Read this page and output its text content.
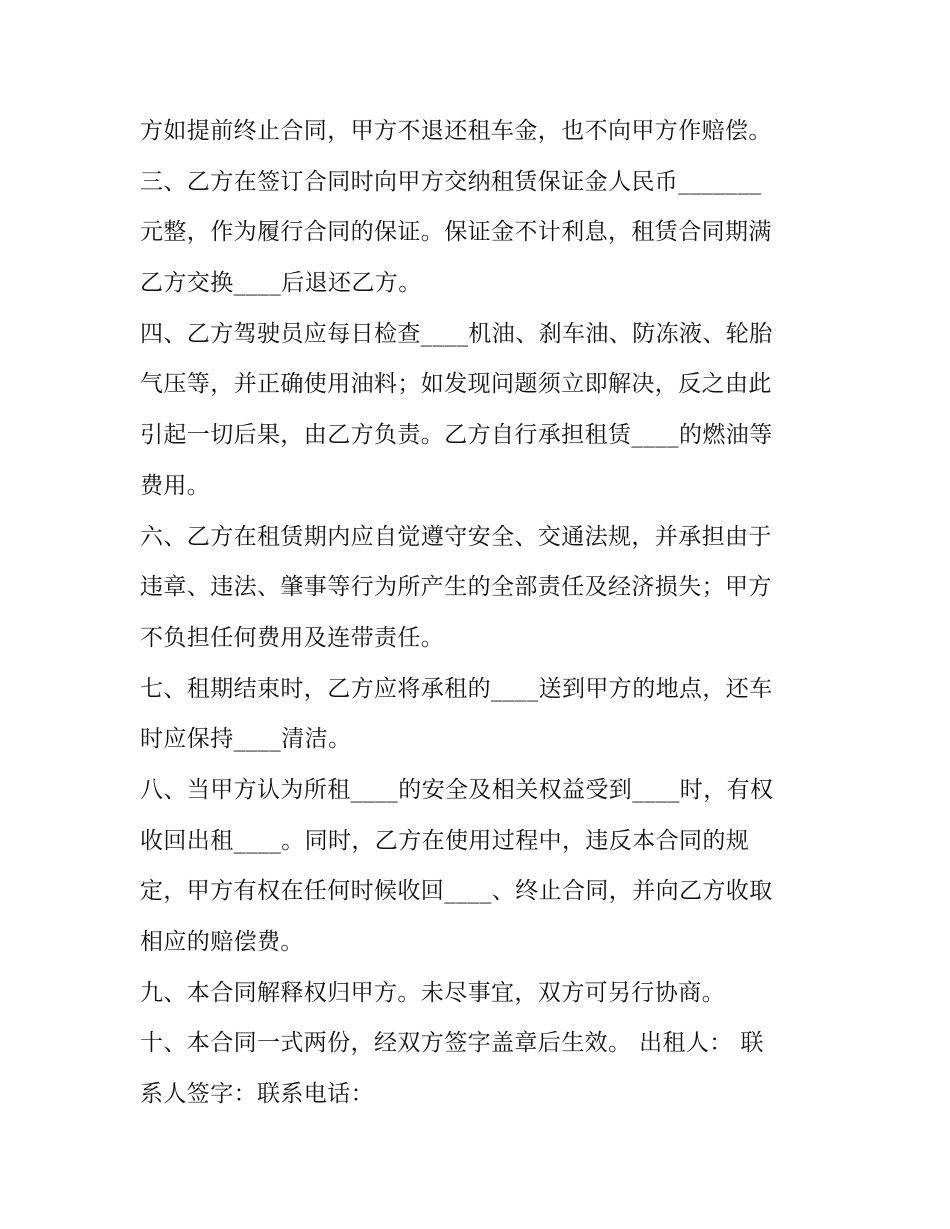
方如提前终止合同，甲方不退还租车金，也不向甲方作赔偿。
三、乙方在签订合同时向甲方交纳租赁保证金人民币_______
元整，作为履行合同的保证。保证金不计利息，租赁合同期满
乙方交换____后退还乙方。
四、乙方驾驶员应每日检查____机油、刹车油、防冻液、轮胎
气压等，并正确使用油料；如发现问题须立即解决，反之由此
引起一切后果，由乙方负责。乙方自行承担租赁____的燃油等
费用。
六、乙方在租赁期内应自觉遵守安全、交通法规，并承担由于
违章、违法、肇事等行为所产生的全部责任及经济损失；甲方
不负担任何费用及连带责任。
七、租期结束时，乙方应将承租的____送到甲方的地点，还车
时应保持____清洁。
八、当甲方认为所租____的安全及相关权益受到____时，有权
收回出租____。同时，乙方在使用过程中，违反本合同的规
定，甲方有权在任何时候收回____、终止合同，并向乙方收取
相应的赔偿费。
九、本合同解释权归甲方。未尽事宜，双方可另行协商。
十、本合同一式两份，经双方签字盖章后生效。 出租人： 联
系人签字：联系电话：
